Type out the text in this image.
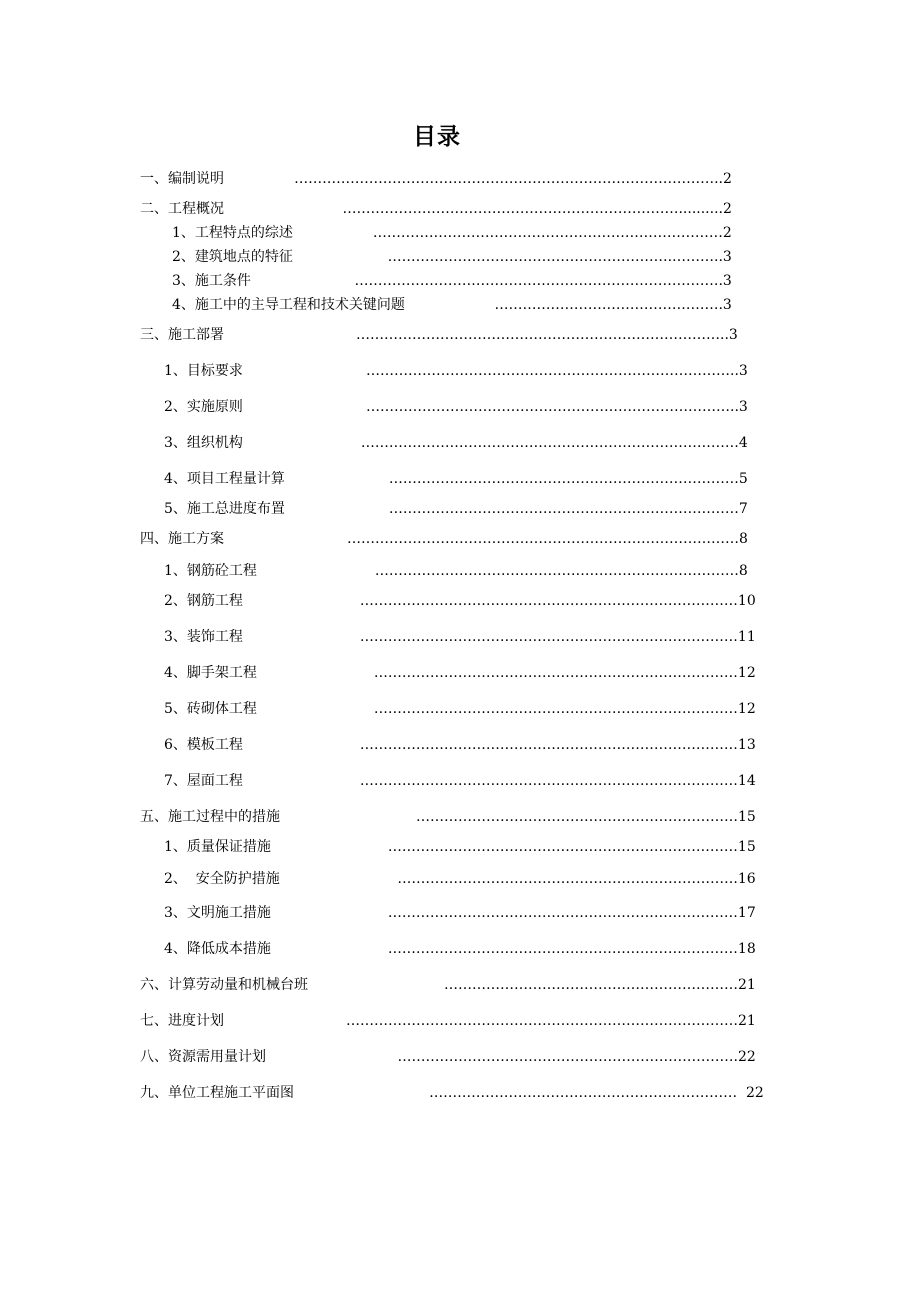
目录
一、编制说明	………………………………………………………………………………..2
二、工程概况	………………………………………………………………..........2
1、工程特点的综述	…………………………………………………………………2
2、建筑地点的特征	…………………………………………………….………..3
3、施工条件	…………………………………………………………………….3
4、施工中的主导工程和技术关键问题	………………………………………….3
三、施工部署	……………………………………………………………………..3
1、目标要求	……………………………………………………………………..3
2、实施原则	……………………………………………………………………..3
3、组织机构	………………………………………………………………………4
4、项目工程量计算	…………………………………………………………………5
5、施工总进度布置	…………………………………………………………………7
四、施工方案	…………………………………………………………………………8
1、钢筋砼工程	……………………………………………………………………8
2、钢筋工程	………………………………………………………………………10
3、装饰工程	………………………………………………………………………11
4、脚手架工程	……………………………………………………………………12
5、砖砌体工程	……………………………………………………………………12
6、模板工程	………………………………………………………………………13
7、屋面工程	………………………………………………………………………14
五、施工过程中的措施	……………………………………………………………15
1、质量保证措施	…………………………………………………………………15
2、  安全防护措施	……………………………………………………………….16
3、文明施工措施	…………………………………………………………………17
4、降低成本措施	…………………………………………………………………18
六、计算劳动量和机械台班	………………………………………………………21
七、进度计划	…………………………………………………………………………21
八、资源需用量计划	……………………………………………………………….22
九、单位工程施工平面图	…………………………………………………………  22
